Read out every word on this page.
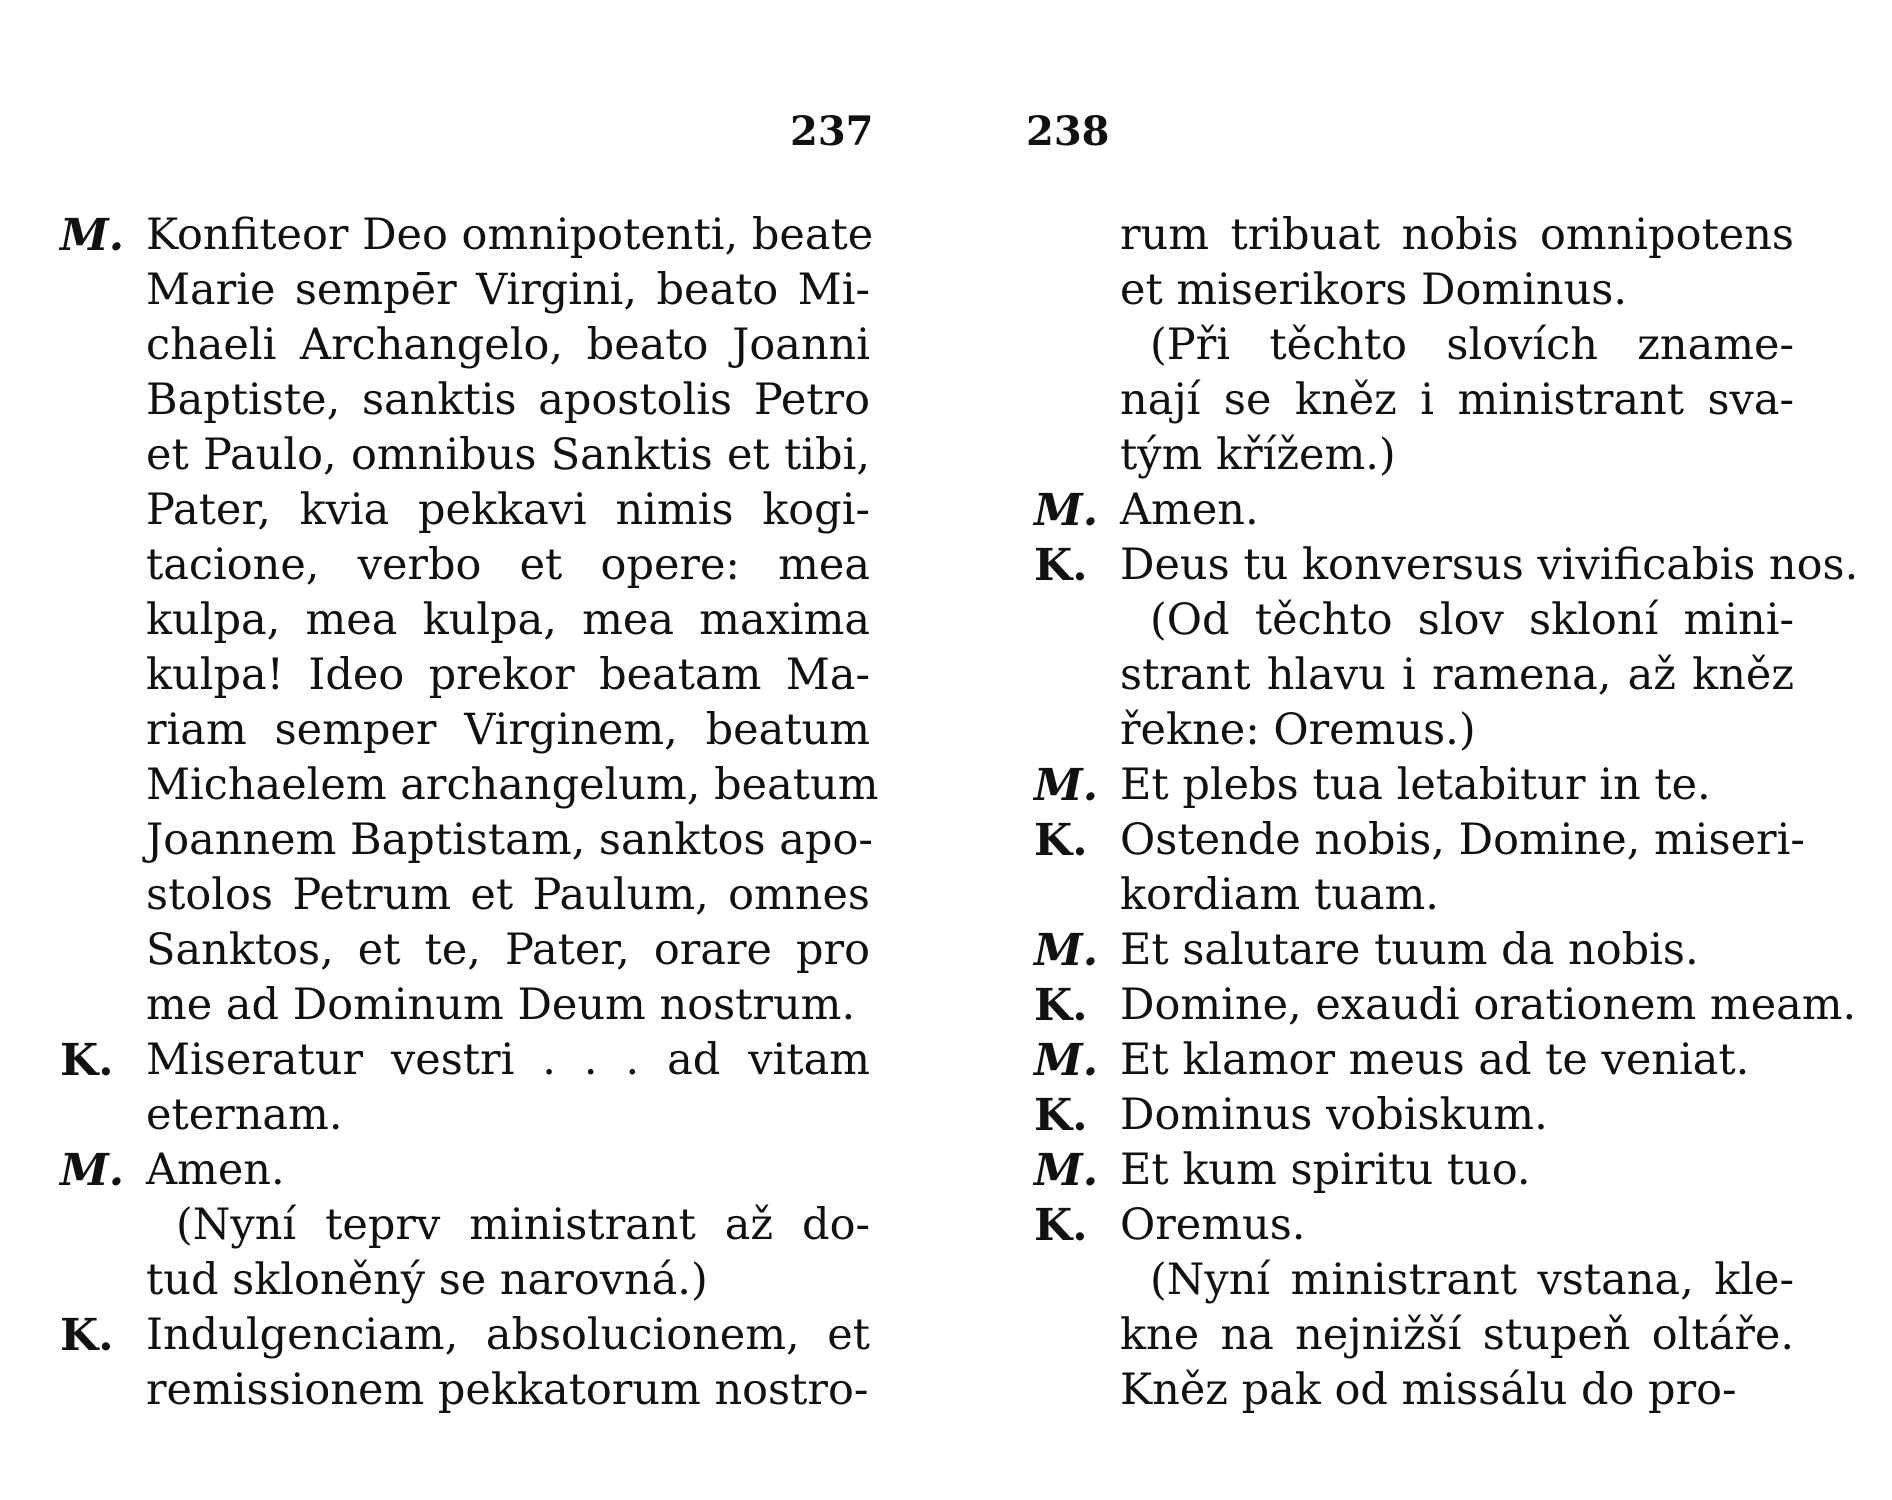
237
M. Konfiteor Deo omnipotenti, beate
Marie sempēr Virgini, beato Mi-
chaeli Archangelo, beato Joanni
Baptiste, sanktis apostolis Petro
et Paulo, omnibus Sanktis et tibi,
Pater, kvia pekkavi nimis kogi-
tacione, verbo et opere: mea
kulpa, mea kulpa, mea maxima
kulpa! Ideo prekor beatam Ma-
riam semper Virginem, beatum
Michaelem archangelum, beatum
Joannem Baptistam, sanktos apo-
stolos Petrum et Paulum, omnes
Sanktos, et te, Pater, orare pro
me ad Dominum Deum nostrum.
K. Miseratur vestri . . . ad vitam
eternam.
M. Amen.
(Nyní teprv ministrant až do-
tud skloněný se narovná.)
K. Indulgenciam, absolucionem, et
remissionem pekkatorum nostro-
238
rum tribuat nobis omnipotens
et miserikors Dominus.
(Při těchto slovích zname-
nají se kněz i ministrant sva-
tým křížem.)
M. Amen.
K. Deus tu konversus vivificabis nos.
(Od těchto slov skloní mini-
strant hlavu i ramena, až kněz
řekne: Oremus.)
M. Et plebs tua letabitur in te.
K. Ostende nobis, Domine, miseri-
kordiam tuam.
M. Et salutare tuum da nobis.
K. Domine, exaudi orationem meam.
M. Et klamor meus ad te veniat.
K. Dominus vobiskum.
M. Et kum spiritu tuo.
K. Oremus.
(Nyní ministrant vstana, kle-
kne na nejnižší stupeň oltáře.
Kněz pak od missálu do pro-
